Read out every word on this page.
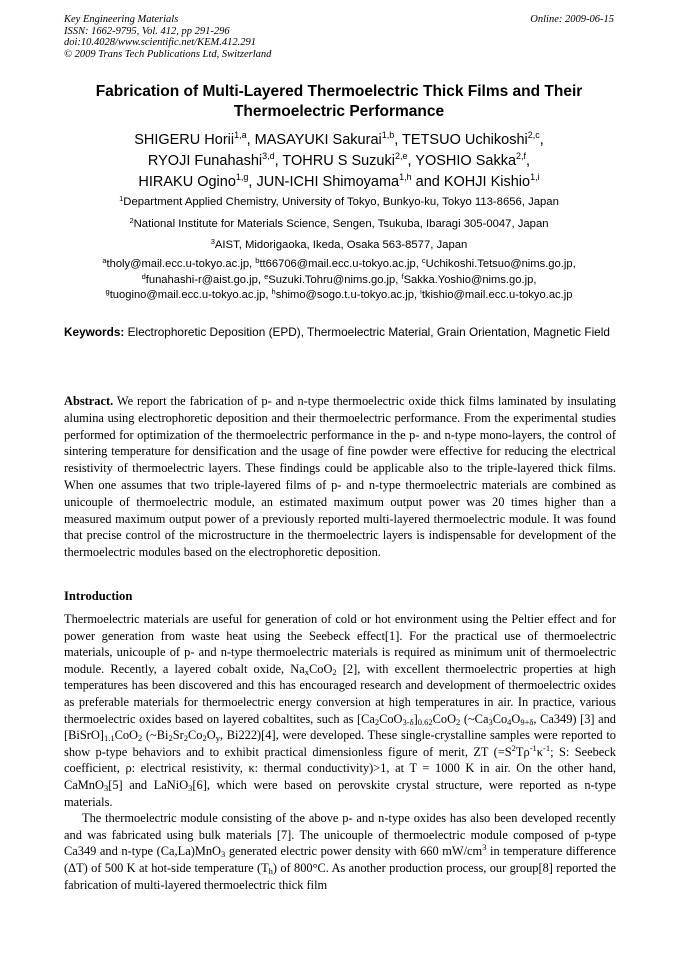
Key Engineering Materials
ISSN: 1662-9795, Vol. 412, pp 291-296
doi:10.4028/www.scientific.net/KEM.412.291
© 2009 Trans Tech Publications Ltd, Switzerland
Online: 2009-06-15
Fabrication of Multi-Layered Thermoelectric Thick Films and Their
Thermoelectric Performance
SHIGERU Horii$^{1,a}$, MASAYUKI Sakurai$^{1,b}$, TETSUO Uchikoshi$^{2,c}$,
RYOJI Funahashi$^{3,d}$, TOHRU S Suzuki$^{2,e}$, YOSHIO Sakka$^{2,f}$,
HIRAKU Ogino$^{1,g}$, JUN-ICHI Shimoyama$^{1,h}$ and KOHJI Kishio$^{1,i}$
$^1$Department Applied Chemistry, University of Tokyo, Bunkyo-ku, Tokyo 113-8656, Japan
$^2$National Institute for Materials Science, Sengen, Tsukuba, Ibaragi 305-0047, Japan
$^3$AIST, Midorigaoka, Ikeda, Osaka 563-8577, Japan
$^a$tholy@mail.ecc.u-tokyo.ac.jp, $^b$tt66706@mail.ecc.u-tokyo.ac.jp, $^c$Uchikoshi.Tetsuo@nims.go.jp,
$^d$funahashi-r@aist.go.jp, $^e$Suzuki.Tohru@nims.go.jp, $^f$Sakka.Yoshio@nims.go.jp,
$^g$tuogino@mail.ecc.u-tokyo.ac.jp, $^h$shimo@sogo.t.u-tokyo.ac.jp, $^i$tkishio@mail.ecc.u-tokyo.ac.jp
Keywords: Electrophoretic Deposition (EPD), Thermoelectric Material, Grain Orientation, Magnetic Field
Abstract. We report the fabrication of p- and n-type thermoelectric oxide thick films laminated by insulating alumina using electrophoretic deposition and their thermoelectric performance. From the experimental studies performed for optimization of the thermoelectric performance in the p- and n-type mono-layers, the control of sintering temperature for densification and the usage of fine powder were effective for reducing the electrical resistivity of thermoelectric layers. These findings could be applicable also to the triple-layered thick films. When one assumes that two triple-layered films of p- and n-type thermoelectric materials are combined as unicouple of thermoelectric module, an estimated maximum output power was 20 times higher than a measured maximum output power of a previously reported multi-layered thermoelectric module. It was found that precise control of the microstructure in the thermoelectric layers is indispensable for development of the thermoelectric modules based on the electrophoretic deposition.
Introduction
Thermoelectric materials are useful for generation of cold or hot environment using the Peltier effect and for power generation from waste heat using the Seebeck effect[1]. For the practical use of thermoelectric materials, unicouple of p- and n-type thermoelectric materials is required as minimum unit of thermoelectric module. Recently, a layered cobalt oxide, $Na_xCoO_2$ [2], with excellent thermoelectric properties at high temperatures has been discovered and this has encouraged research and development of thermoelectric oxides as preferable materials for thermoelectric energy conversion at high temperatures in air. In practice, various thermoelectric oxides based on layered cobaltites, such as $[Ca_2CoO_{3-\delta}]_{0.62}CoO_2$ ($\sim Ca_3Co_4O_{9+\delta}$, Ca349) [3] and $[BiSrO]_{1.1}CoO_2$ ($\sim Bi_2Sr_2Co_2O_y$, Bi222)[4], were developed. These single-crystalline samples were reported to show p-type behaviors and to exhibit practical dimensionless figure of merit, ZT ($=S^2T\rho^{-1}\kappa^{-1}$; S: Seebeck coefficient, ρ: electrical resistivity, κ: thermal conductivity)>1, at T = 1000 K in air. On the other hand, CaMnO$_3$[5] and LaNiO$_3$[6], which were based on perovskite crystal structure, were reported as n-type materials.
The thermoelectric module consisting of the above p- and n-type oxides has also been developed recently and was fabricated using bulk materials [7]. The unicouple of thermoelectric module composed of p-type Ca349 and n-type (Ca,La)MnO$_3$ generated electric power density with 660 $mW/cm^3$ in temperature difference (ΔT) of 500 K at hot-side temperature $(T_h)$ of 800°C. As another production process, our group[8] reported the fabrication of multi-layered thermoelectric thick film
